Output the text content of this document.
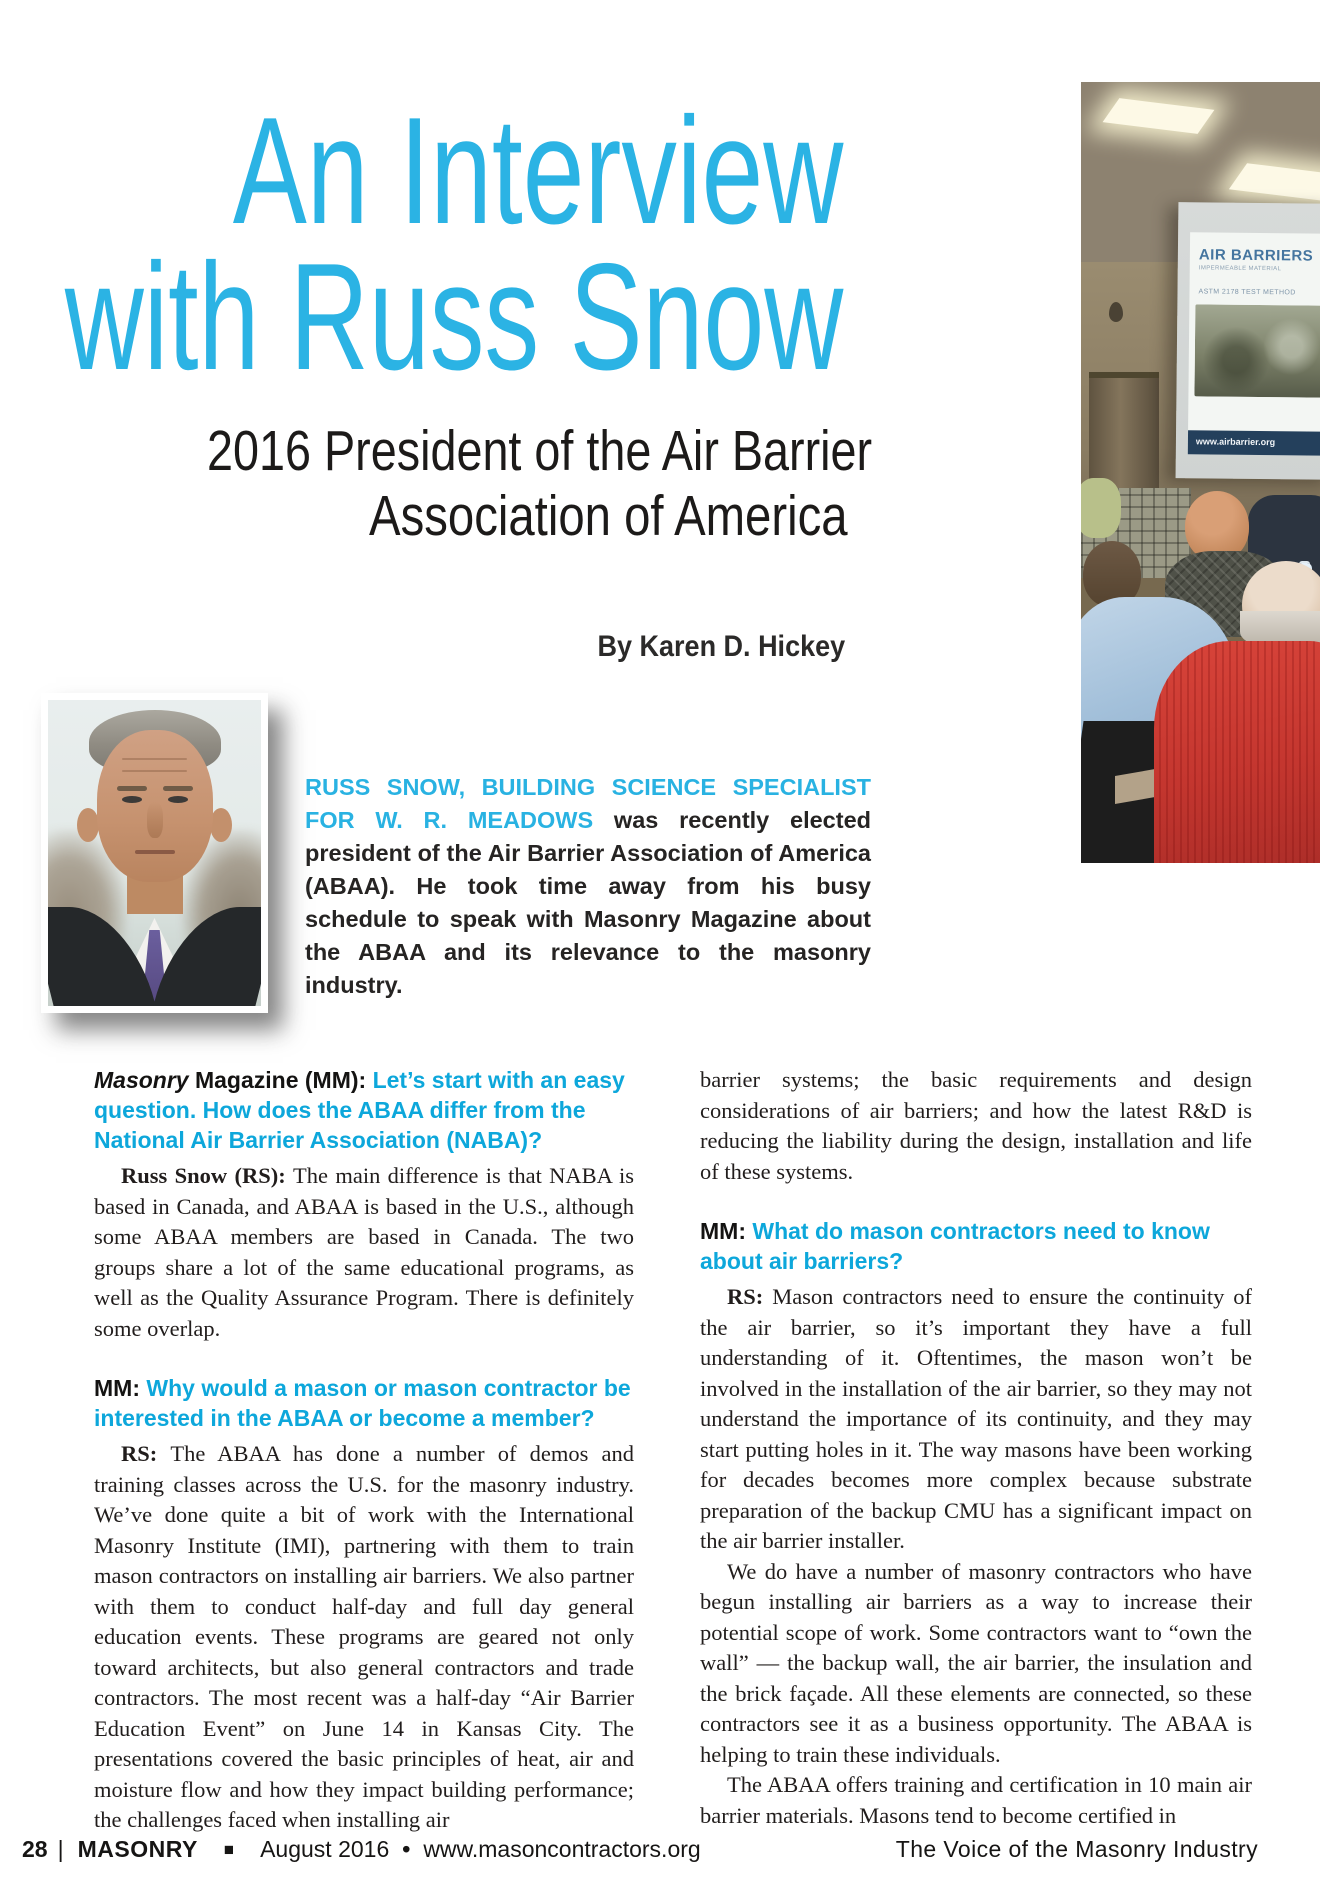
An Interview
with Russ Snow
2016 President of the Air Barrier
Association of America
By Karen D. Hickey
AIR BARRIERS
IMPERMEABLE MATERIAL
ASTM 2178 TEST METHOD
www.airbarrier.org

RUSS SNOW, BUILDING SCIENCE SPECIALIST FOR W. R. MEADOWS was recently elected president of the Air Barrier Association of America (ABAA). He took time away from his busy schedule to speak with Masonry Magazine about the ABAA and its relevance to the masonry industry.

Masonry Magazine (MM): Let’s start with an easy question. How does the ABAA differ from the National Air Barrier Association (NABA)?

Russ Snow (RS): The main difference is that NABA is based in Canada, and ABAA is based in the U.S., although some ABAA members are based in Canada. The two groups share a lot of the same educational programs, as well as the Quality Assurance Program. There is definitely some overlap.

MM: Why would a mason or mason contractor be interested in the ABAA or become a member?

RS: The ABAA has done a number of demos and training classes across the U.S. for the masonry industry. We’ve done quite a bit of work with the International Masonry Institute (IMI), partnering with them to train mason contractors on installing air barriers. We also partner with them to conduct half-day and full day general education events. These programs are geared not only toward architects, but also general contractors and trade contractors. The most recent was a half-day “Air Barrier Education Event” on June 14 in Kansas City. The presentations covered the basic principles of heat, air and moisture flow and how they impact building performance; the challenges faced when installing air

barrier systems; the basic requirements and design considerations of air barriers; and how the latest R&D is reducing the liability during the design, installation and life of these systems.

MM: What do mason contractors need to know about air barriers?

RS: Mason contractors need to ensure the continuity of the air barrier, so it’s important they have a full understanding of it. Oftentimes, the mason won’t be involved in the installation of the air barrier, so they may not understand the importance of its continuity, and they may start putting holes in it. The way masons have been working for decades becomes more complex because substrate preparation of the backup CMU has a significant impact on the air barrier installer.

We do have a number of masonry contractors who have begun installing air barriers as a way to increase their potential scope of work. Some contractors want to “own the wall” — the backup wall, the air barrier, the insulation and the brick façade. All these elements are connected, so these contractors see it as a business opportunity. The ABAA is helping to train these individuals.

The ABAA offers training and certification in 10 main air barrier materials. Masons tend to become certified in

28 | MASONRY ■ August 2016 • www.masoncontractors.org	The Voice of the Masonry Industry
